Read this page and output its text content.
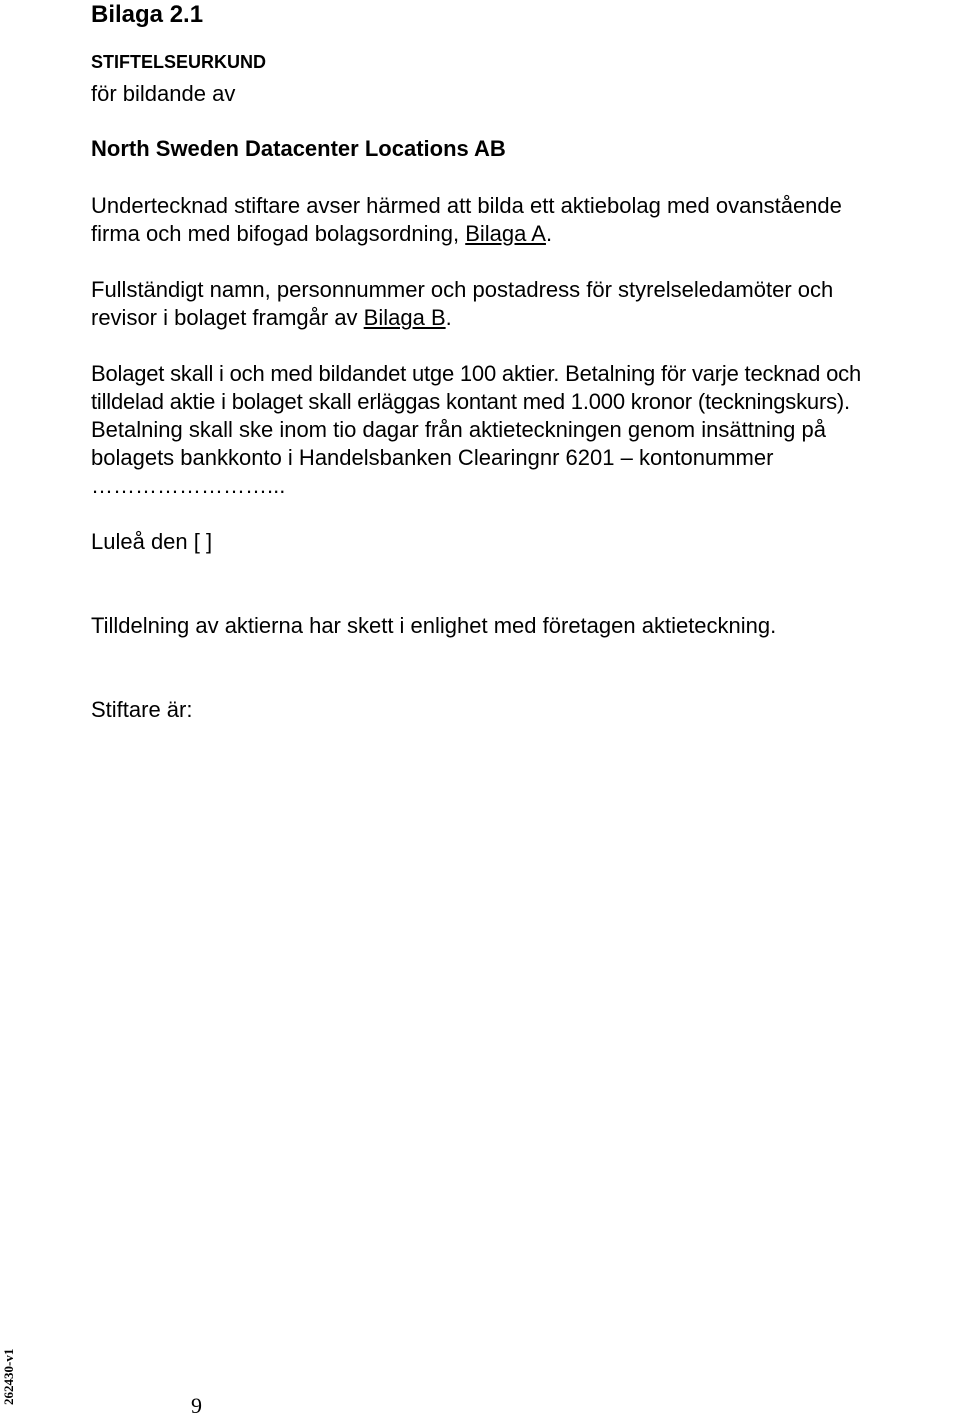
Bilaga 2.1
STIFTELSEURKUND
för bildande av
North Sweden Datacenter Locations AB
Undertecknad stiftare avser härmed att bilda ett aktiebolag med ovanstående
firma och med bifogad bolagsordning, Bilaga A.
Fullständigt namn, personnummer och postadress för styrelseledamöter och
revisor i bolaget framgår av Bilaga B.
Bolaget skall i och med bildandet utge 100 aktier. Betalning för varje tecknad och
tilldelad aktie i bolaget skall erläggas kontant med 1.000 kronor (teckningskurs).
Betalning skall ske inom tio dagar från aktieteckningen genom insättning på
bolagets bankkonto i Handelsbanken Clearingnr 6201 – kontonummer
……………………...
Luleå den [ ]
Tilldelning av aktierna har skett i enlighet med företagen aktieteckning.
Stiftare är:
262430-v1
9
